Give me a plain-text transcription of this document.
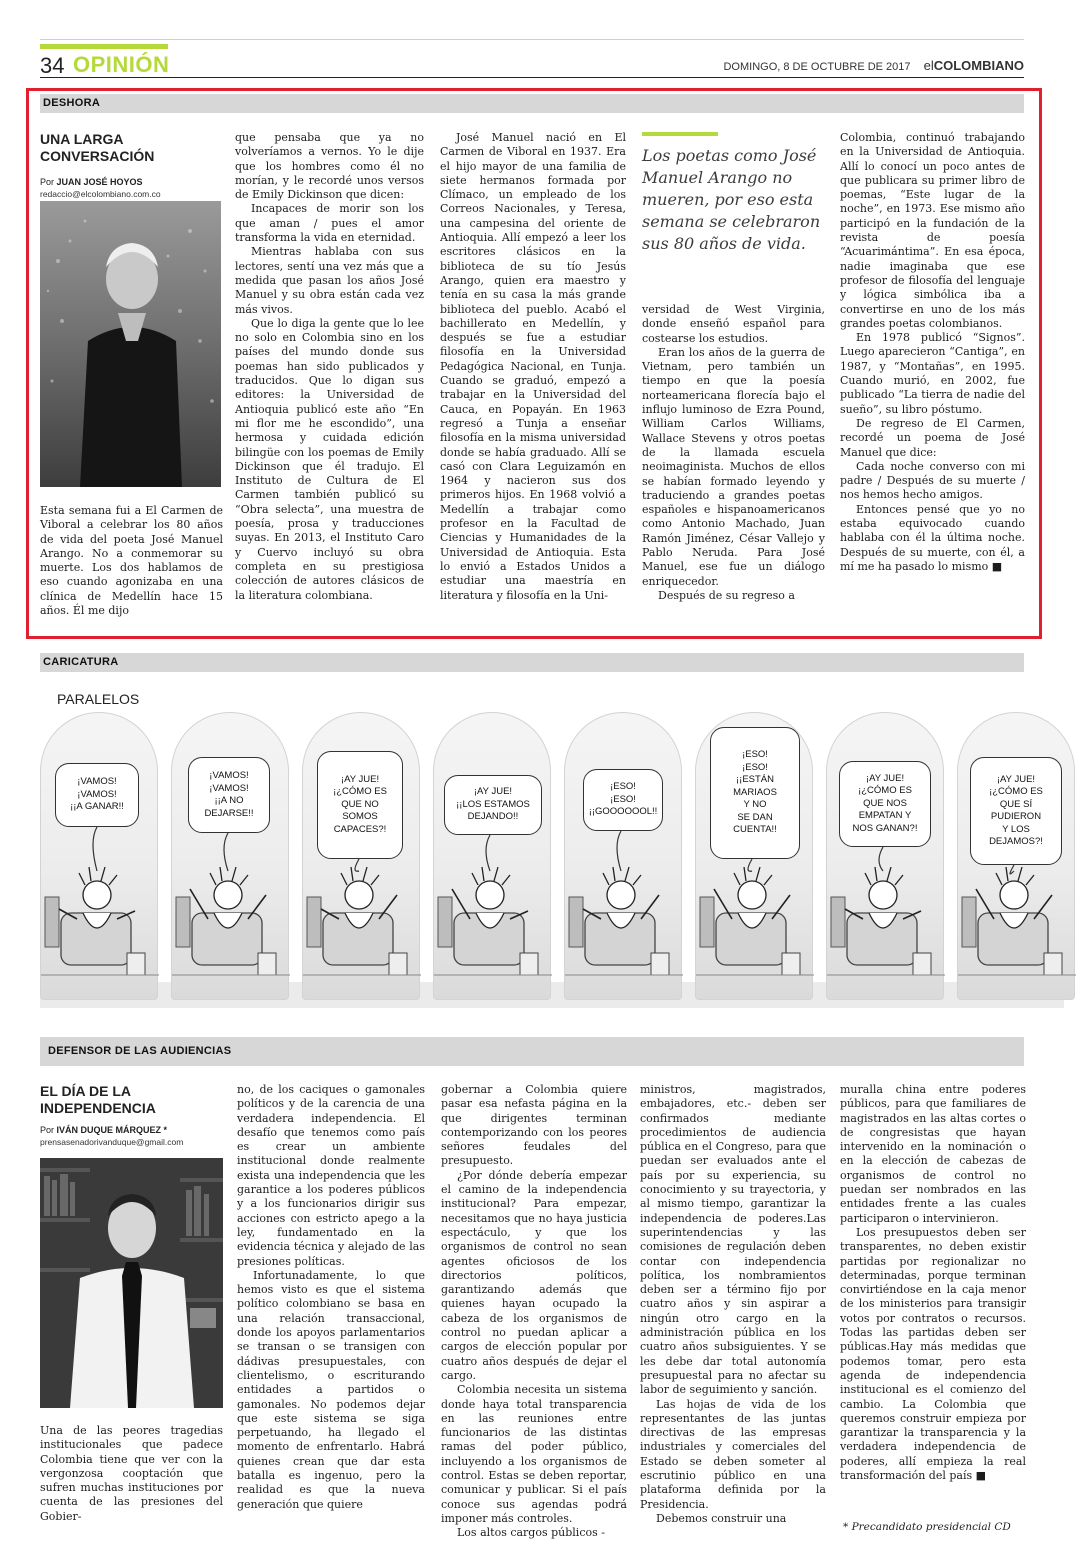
34 OPINIÓN	DOMINGO, 8 DE OCTUBRE DE 2017 elCOLOMBIANO
DESHORA
UNA LARGA CONVERSACIÓN
Por JUAN JOSÉ HOYOS
redaccio@elcolombiano.com.co

Esta semana fui a El Carmen de Viboral a celebrar los 80 años de vida del poeta José Manuel Arango. No a conmemorar su muerte. Los dos hablamos de eso cuando agonizaba en una clínica de Medellín hace 15 años. Él me dijo

que pensaba que ya no volveríamos a vernos. Yo le dije que los hombres como él no morían, y le recordé unos versos de Emily Dickinson que dicen:

Incapaces de morir son los que aman / pues el amor transforma la vida en eternidad.

Mientras hablaba con sus lectores, sentí una vez más que a medida que pasan los años José Manuel y su obra están cada vez más vivos.

Que lo diga la gente que lo lee no solo en Colombia sino en los países del mundo donde sus poemas han sido publicados y traducidos. Que lo digan sus editores: la Universidad de Antioquia publicó este año “En mi flor me he escondido”, una hermosa y cuidada edición bilingüe con los poemas de Emily Dickinson que él tradujo. El Instituto de Cultura de El Carmen también publicó su “Obra selecta”, una muestra de poesía, prosa y traducciones suyas. En 2013, el Instituto Caro y Cuervo incluyó su obra completa en su prestigiosa colección de autores clásicos de la literatura colombiana.

José Manuel nació en El Carmen de Viboral en 1937. Era el hijo mayor de una familia de siete hermanos formada por Clímaco, un empleado de los Correos Nacionales, y Teresa, una campesina del oriente de Antioquia. Allí empezó a leer los escritores clásicos en la biblioteca de su tío Jesús Arango, quien era maestro y tenía en su casa la más grande biblioteca del pueblo. Acabó el bachillerato en Medellín, y después se fue a estudiar filosofía en la Universidad Pedagógica Nacional, en Tunja. Cuando se graduó, empezó a trabajar en la Universidad del Cauca, en Popayán. En 1963 regresó a Tunja a enseñar filosofía en la misma universidad donde se había graduado. Allí se casó con Clara Leguizamón en 1964 y nacieron sus dos primeros hijos. En 1968 volvió a Medellín a trabajar como profesor en la Facultad de Ciencias y Humanidades de la Universidad de Antioquia. Esta lo envió a Estados Unidos a estudiar una maestría en literatura y filosofía en la Uni-

Los poetas como José Manuel Arango no mueren, por eso esta semana se celebraron sus 80 años de vida.

versidad de West Virginia, donde enseñó español para costearse los estudios.

Eran los años de la guerra de Vietnam, pero también un tiempo en que la poesía norteamericana florecía bajo el influjo luminoso de Ezra Pound, William Carlos Williams, Wallace Stevens y otros poetas de la llamada escuela neoimaginista. Muchos de ellos se habían formado leyendo y traduciendo a grandes poetas españoles e hispanoamericanos como Antonio Machado, Juan Ramón Jiménez, César Vallejo y Pablo Neruda. Para José Manuel, ese fue un diálogo enriquecedor.

Después de su regreso a

Colombia, continuó trabajando en la Universidad de Antioquia. Allí lo conocí un poco antes de que publicara su primer libro de poemas, “Este lugar de la noche”, en 1973. Ese mismo año participó en la fundación de la revista de poesía “Acuarimántima”. En esa época, nadie imaginaba que ese profesor de filosofía del lenguaje y lógica simbólica iba a convertirse en uno de los más grandes poetas colombianos.

En 1978 publicó “Signos”. Luego aparecieron “Cantiga”, en 1987, y “Montañas”, en 1995. Cuando murió, en 2002, fue publicado “La tierra de nadie del sueño”, su libro póstumo.

De regreso de El Carmen, recordé un poema de José Manuel que dice:

Cada noche converso con mi padre / Después de su muerte / nos hemos hecho amigos.

Entonces pensé que yo no estaba equivocado cuando hablaba con él la última noche. Después de su muerte, con él, a mí me ha pasado lo mismo ■

CARICATURA
PARALELOS
¡VAMOS!
¡VAMOS!
¡¡A GANAR!!
¡VAMOS!
¡VAMOS!
¡¡A NO
DEJARSE!!
¡AY JUE!
¡¿CÓMO ES
QUE NO
SOMOS
CAPACES?!
¡AY JUE!
¡¡LOS ESTAMOS
DEJANDO!!
¡ESO!
¡ESO!
¡¡GOOOOOOL!!
¡ESO!
¡ESO!
¡¡ESTÁN
MARIAOS
Y NO
SE DAN
CUENTA!!
¡AY JUE!
¡¿CÓMO ES
QUE NOS
EMPATAN Y
NOS GANAN?!
¡AY JUE!
¡¿CÓMO ES
QUE SÍ
PUDIERON
Y LOS
DEJAMOS?!
DEFENSOR DE LAS AUDIENCIAS
EL DÍA DE LA INDEPENDENCIA
Por IVÁN DUQUE MÁRQUEZ *
prensasenadorivanduque@gmail.com

Una de las peores tragedias institucionales que padece Colombia tiene que ver con la vergonzosa cooptación que sufren muchas instituciones por cuenta de las presiones del Gobier-

no, de los caciques o gamonales políticos y de la carencia de una verdadera independencia. El desafío que tenemos como país es crear un ambiente institucional donde realmente exista una independencia que les garantice a los poderes públicos y a los funcionarios dirigir sus acciones con estricto apego a la ley, fundamentado en la evidencia técnica y alejado de las presiones políticas.

Infortunadamente, lo que hemos visto es que el sistema político colombiano se basa en una relación transaccional, donde los apoyos parlamentarios se transan o se transigen con dádivas presupuestales, con clientelismo, o escriturando entidades a partidos o gamonales. No podemos dejar que este sistema se siga perpetuando, ha llegado el momento de enfrentarlo. Habrá quienes crean que dar esta batalla es ingenuo, pero la realidad es que la nueva generación que quiere

gobernar a Colombia quiere pasar esa nefasta página en la que dirigentes terminan contemporizando con los peores señores feudales del presupuesto.

¿Por dónde debería empezar el camino de la independencia institucional? Para empezar, necesitamos que no haya justicia espectáculo, y que los organismos de control no sean agentes oficiosos de los directorios políticos, garantizando además que quienes hayan ocupado la cabeza de los organismos de control no puedan aplicar a cargos de elección popular por cuatro años después de dejar el cargo.

Colombia necesita un sistema donde haya total transparencia en las reuniones entre funcionarios de las distintas ramas del poder público, incluyendo a los organismos de control. Estas se deben reportar, comunicar y publicar. Si el país conoce sus agendas podrá imponer más controles.

Los altos cargos públicos -

ministros, magistrados, embajadores, etc.- deben ser confirmados mediante procedimientos de audiencia pública en el Congreso, para que puedan ser evaluados ante el país por su experiencia, su conocimiento y su trayectoria, y al mismo tiempo, garantizar la independencia de poderes.Las superintendencias y las comisiones de regulación deben contar con independencia política, los nombramientos deben ser a término fijo por cuatro años y sin aspirar a ningún otro cargo en la administración pública en los cuatro años subsiguientes. Y se les debe dar total autonomía presupuestal para no afectar su labor de seguimiento y sanción.

Las hojas de vida de los representantes de las juntas directivas de las empresas industriales y comerciales del Estado se deben someter al escrutinio público en una plataforma definida por la Presidencia.

Debemos construir una

muralla china entre poderes públicos, para que familiares de magistrados en las altas cortes o de congresistas que hayan intervenido en la nominación o en la elección de cabezas de organismos de control no puedan ser nombrados en las entidades frente a las cuales participaron o intervinieron.

Los presupuestos deben ser transparentes, no deben existir partidas por regionalizar no determinadas, porque terminan convirtiéndose en la caja menor de los ministerios para transigir votos por contratos o recursos. Todas las partidas deben ser públicas.Hay más medidas que podemos tomar, pero esta agenda de independencia institucional es el comienzo del cambio. La Colombia que queremos construir empieza por garantizar la transparencia y la verdadera independencia de poderes, allí empieza la real transformación del país ■

* Precandidato presidencial CD
